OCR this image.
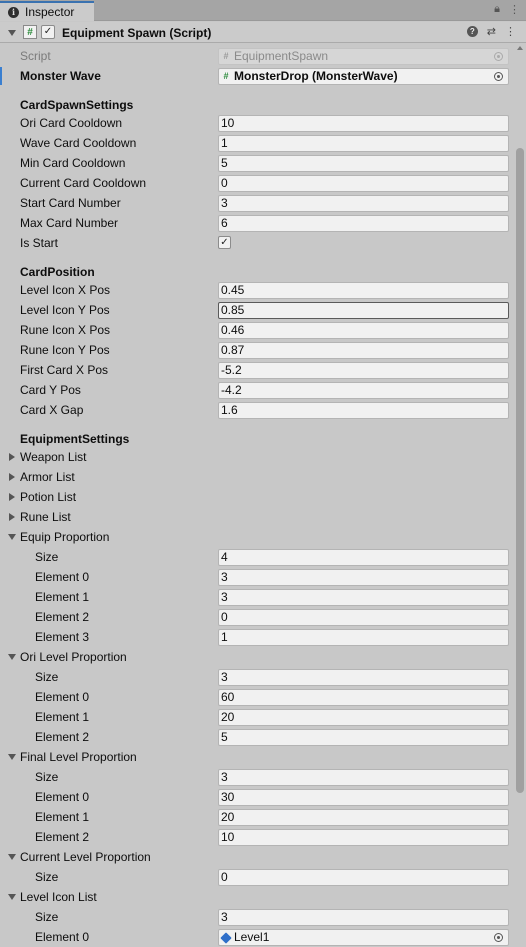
i Inspector	🔒︎ ⋮
#	✓ Equipment Spawn (Script)	? ⇄ ⋮
Script	# EquipmentSpawn
Monster Wave	# MonsterDrop (MonsterWave)
CardSpawnSettings
Ori Card Cooldown	10
Wave Card Cooldown	1
Min Card Cooldown	5
Current Card Cooldown	0
Start Card Number	3
Max Card Number	6
Is Start	✓
CardPosition
Level Icon X Pos	0.45
Level Icon Y Pos	0.85
Rune Icon X Pos	0.46
Rune Icon Y Pos	0.87
First Card X Pos	-5.2
Card Y Pos	-4.2
Card X Gap	1.6
EquipmentSettings
Weapon List
Armor List
Potion List
Rune List
Equip Proportion
Size	4
Element 0	3
Element 1	3
Element 2	0
Element 3	1
Ori Level Proportion
Size	3
Element 0	60
Element 1	20
Element 2	5
Final Level Proportion
Size	3
Element 0	30
Element 1	20
Element 2	10
Current Level Proportion
Size	0
Level Icon List
Size	3
Element 0	Level1
